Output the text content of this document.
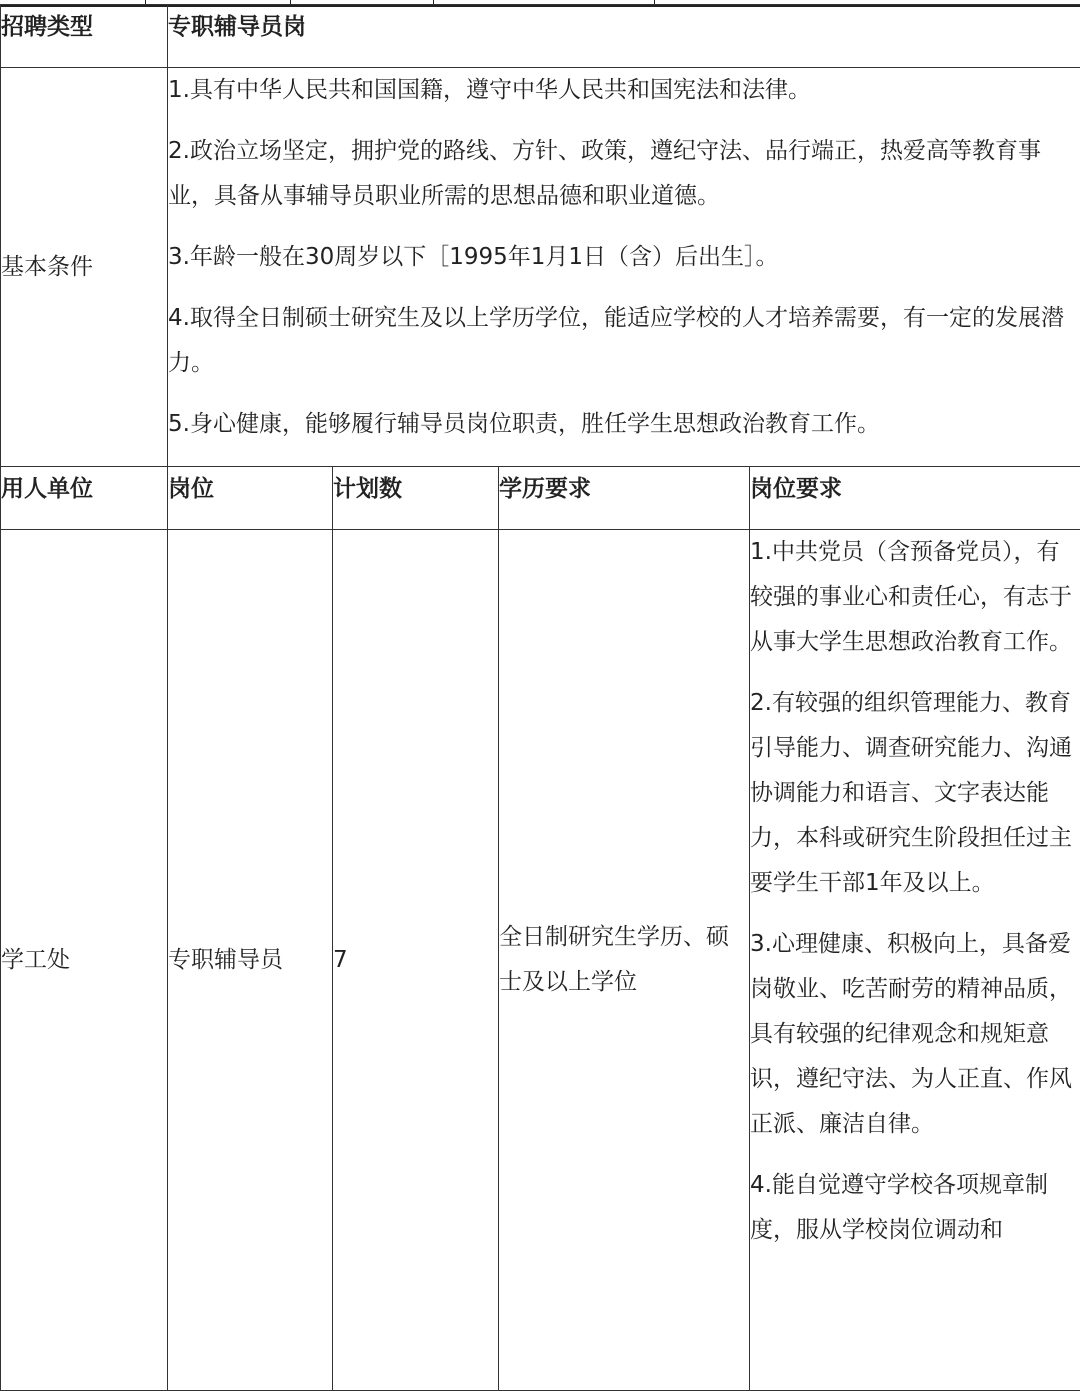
招聘类型	专职辅导员岗			
基本条件	1.具有中华人民共和国国籍，遵守中华人民共和国宪法和法律。

2.政治立场坚定，拥护党的路线、方针、政策，遵纪守法、品行端正，热爱高等教育事业，具备从事辅导员职业所需的思想品德和职业道德。

3.年龄一般在30周岁以下［1995年1月1日（含）后出生］。

4.取得全日制硕士研究生及以上学历学位，能适应学校的人才培养需要，有一定的发展潜力。

5.身心健康，能够履行辅导员岗位职责，胜任学生思想政治教育工作。			

用人单位	岗位	计划数	学历要求	岗位要求
学工处	专职辅导员	7	全日制研究生学历、硕士及以上学位	1.中共党员（含预备党员），有较强的事业心和责任心，有志于从事大学生思想政治教育工作。

2.有较强的组织管理能力、教育引导能力、调查研究能力、沟通协调能力和语言、文字表达能力，本科或研究生阶段担任过主要学生干部1年及以上。

3.心理健康、积极向上，具备爱岗敬业、吃苦耐劳的精神品质，具有较强的纪律观念和规矩意识，遵纪守法、为人正直、作风正派、廉洁自律。

4.能自觉遵守学校各项规章制度，服从学校岗位调动和
